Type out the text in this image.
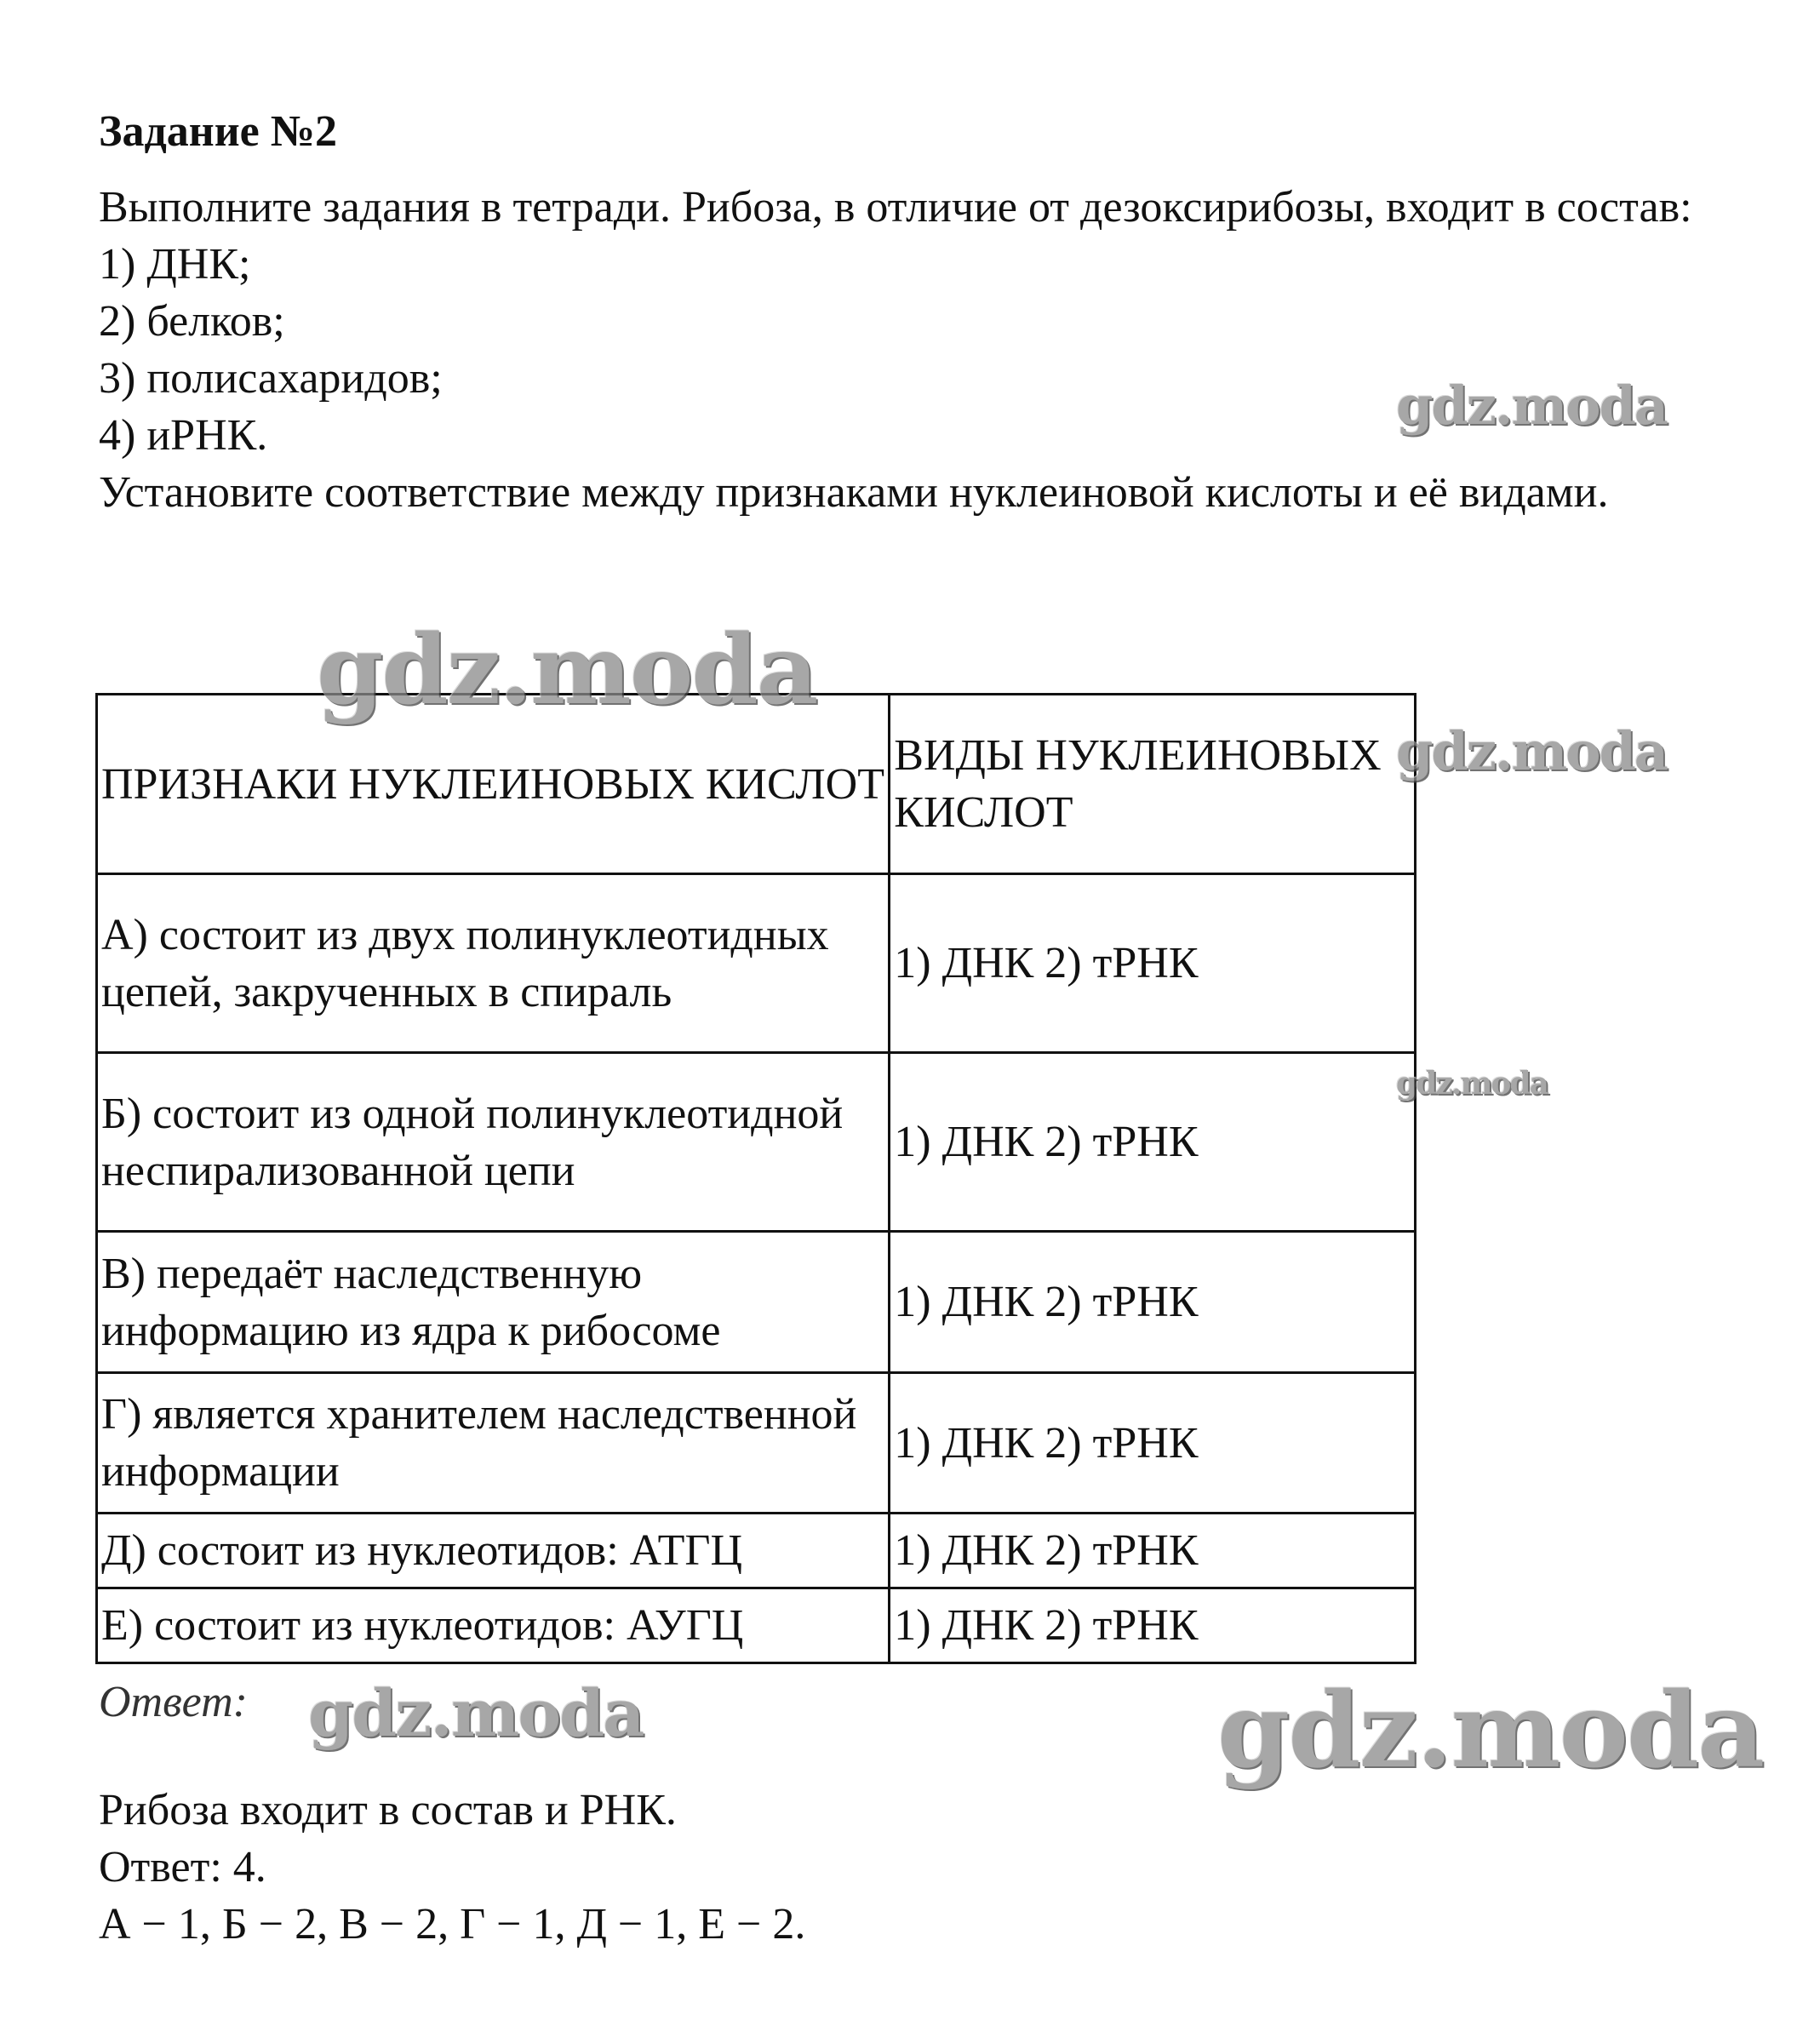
Задание №2

Выполните задания в тетради. Рибоза, в отличие от дезоксирибозы, входит в состав:

1) ДНК;

2) белков;

3) полисахаридов;

4) иРНК.

Установите соответствие между признаками нуклеиновой кислоты и её видами.

ПРИЗНАКИ НУКЛЕИНОВЫХ КИСЛОТ	ВИДЫ НУКЛЕИНОВЫХ КИСЛОТ
А) состоит из двух полинуклеотидных цепей, закрученных в спираль	1) ДНК 2) тРНК
Б) состоит из одной полинуклеотидной неспирализованной цепи	1) ДНК 2) тРНК
В) передаёт наследственную информацию из ядра к рибосоме	1) ДНК 2) тРНК
Г) является хранителем наследственной информации	1) ДНК 2) тРНК
Д) состоит из нуклеотидов: АТГЦ	1) ДНК 2) тРНК
Е) состоит из нуклеотидов: АУГЦ	1) ДНК 2) тРНК

Ответ:

Рибоза входит в состав и РНК.

Ответ: 4.

А − 1, Б − 2, В − 2, Г − 1, Д − 1, Е − 2.

gdz.moda
gdz.moda
gdz.moda
gdz.moda
gdz.moda	gdz.moda
